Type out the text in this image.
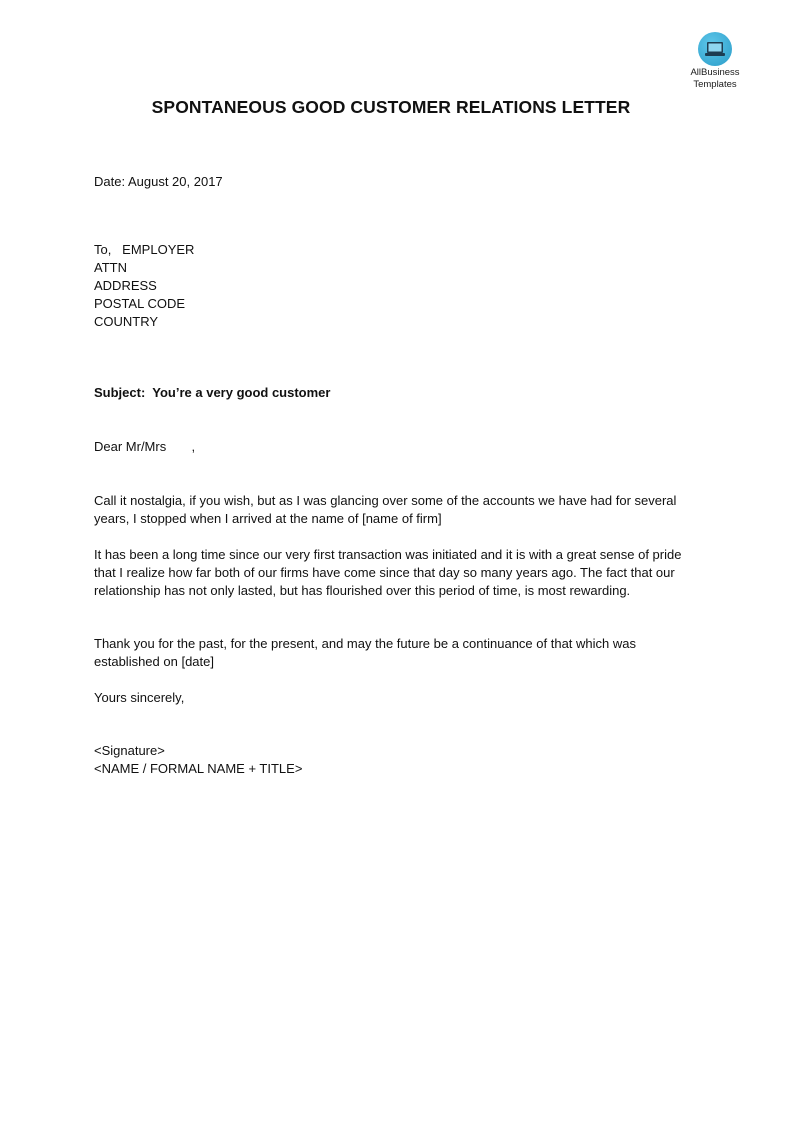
AllBusiness
Templates
SPONTANEOUS GOOD CUSTOMER RELATIONS LETTER
Date: August 20, 2017
To,   EMPLOYER
ATTN
ADDRESS
POSTAL CODE
COUNTRY
Subject:  You’re a very good customer
Dear Mr/Mrs       ,
Call it nostalgia, if you wish, but as I was glancing over some of the accounts we have had for several years, I stopped when I arrived at the name of [name of firm]
It has been a long time since our very first transaction was initiated and it is with a great sense of pride that I realize how far both of our firms have come since that day so many years ago. The fact that our relationship has not only lasted, but has flourished over this period of time, is most rewarding.
Thank you for the past, for the present, and may the future be a continuance of that which was established on [date]
Yours sincerely,
<Signature>
<NAME / FORMAL NAME + TITLE>
